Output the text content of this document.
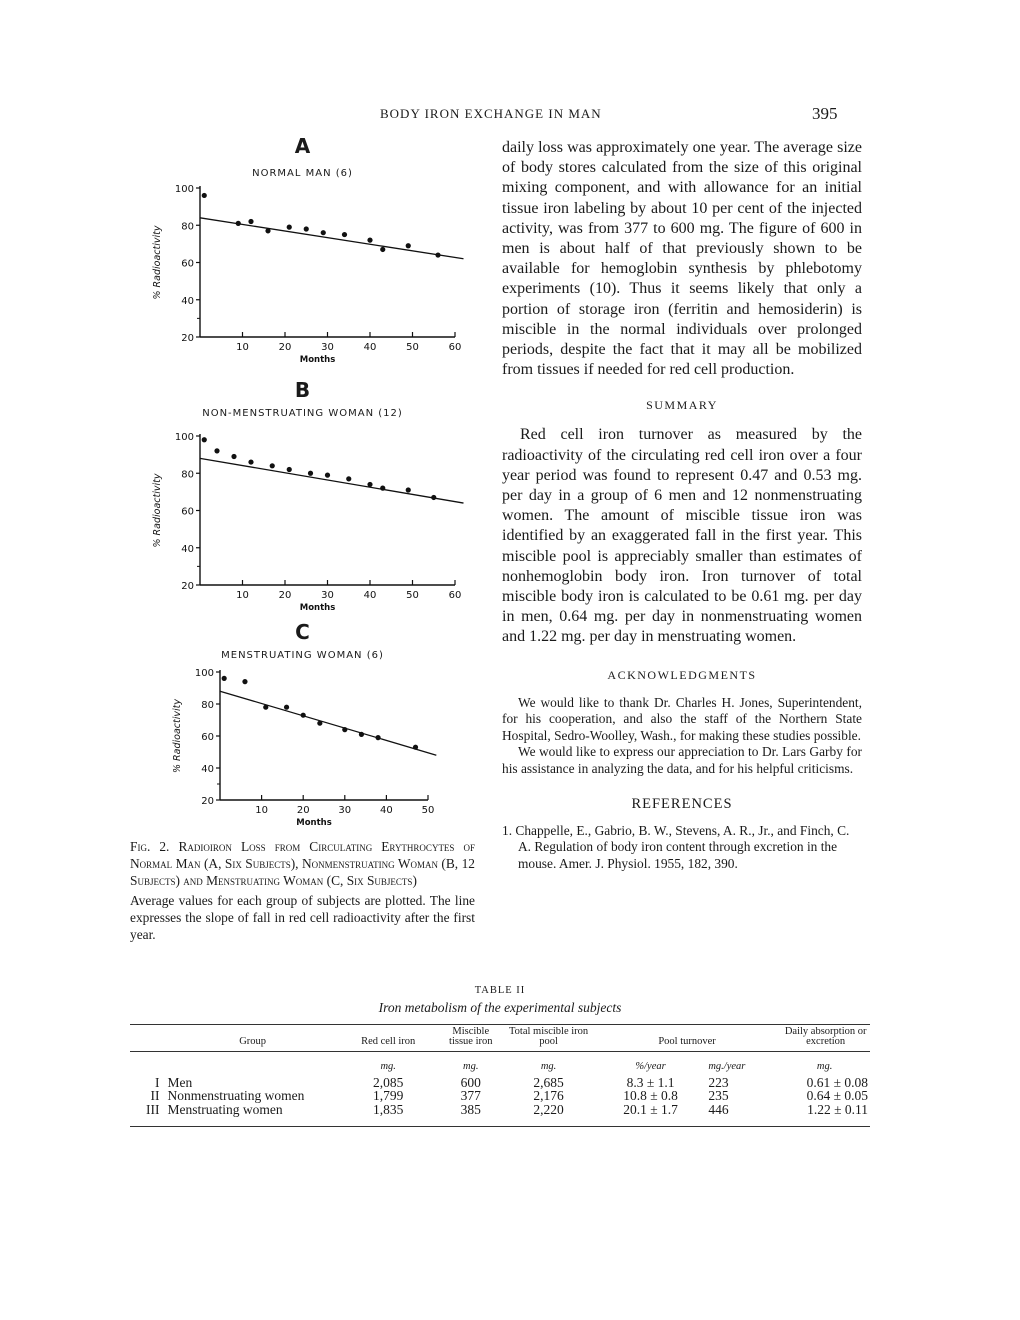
BODY IRON EXCHANGE IN MAN	395
A
NORMAL MAN (6)
100
80
60
40
20
10	20	30	40	50	60
Months
% Radioactivity
B
NON-MENSTRUATING WOMAN (12)
100
80
60
40
20
10	20	30	40	50	60
Months
% Radioactivity
C
MENSTRUATING WOMAN (6)
100
80
60
40
20
10	20	30	40	50
Months
% Radioactivity

Fig. 2. Radioiron Loss from Circulating Erythrocytes of Normal Man (A, Six Subjects), Nonmenstruating Woman (B, 12 Subjects) and Menstruating Woman (C, Six Subjects)

Average values for each group of subjects are plotted. The line expresses the slope of fall in red cell radioactivity after the first year.

daily loss was approximately one year. The average size of body stores calculated from the size of this original mixing component, and with allowance for an initial tissue iron labeling by about 10 per cent of the injected activity, was from 377 to 600 mg. The figure of 600 in men is about half of that previously shown to be available for hemoglobin synthesis by phlebotomy experiments (10). Thus it seems likely that only a portion of storage iron (ferritin and hemosiderin) is miscible in the normal individuals over prolonged periods, despite the fact that it may all be mobilized from tissues if needed for red cell production.

SUMMARY

Red cell iron turnover as measured by the radioactivity of the circulating red cell iron over a four year period was found to represent 0.47 and 0.53 mg. per day in a group of 6 men and 12 nonmenstruating women. The amount of miscible tissue iron was identified by an exaggerated fall in the first year. This miscible pool is appreciably smaller than estimates of nonhemoglobin body iron. Iron turnover of total miscible body iron is calculated to be 0.61 mg. per day in men, 0.64 mg. per day in nonmenstruating women and 1.22 mg. per day in menstruating women.

ACKNOWLEDGMENTS

We would like to thank Dr. Charles H. Jones, Superintendent, for his cooperation, and also the staff of the Northern State Hospital, Sedro-Woolley, Wash., for making these studies possible.

We would like to express our appreciation to Dr. Lars Garby for his assistance in analyzing the data, and for his helpful criticisms.

REFERENCES

1. Chappelle, E., Gabrio, B. W., Stevens, A. R., Jr., and Finch, C. A. Regulation of body iron content through excretion in the mouse. Amer. J. Physiol. 1955, 182, 390.

TABLE II

Iron metabolism of the experimental subjects

Group		Red cell iron	Miscible tissue iron	Total miscible iron pool	Pool turnover		Daily absorption or excretion
		mg.	mg.	mg.	%/year	mg./year	mg.
I	Men	2,085	600	2,685	8.3 ± 1.1	223	0.61 ± 0.08
II	Nonmenstruating women	1,799	377	2,176	10.8 ± 0.8	235	0.64 ± 0.05
III	Menstruating women	1,835	385	2,220	20.1 ± 1.7	446	1.22 ± 0.11
